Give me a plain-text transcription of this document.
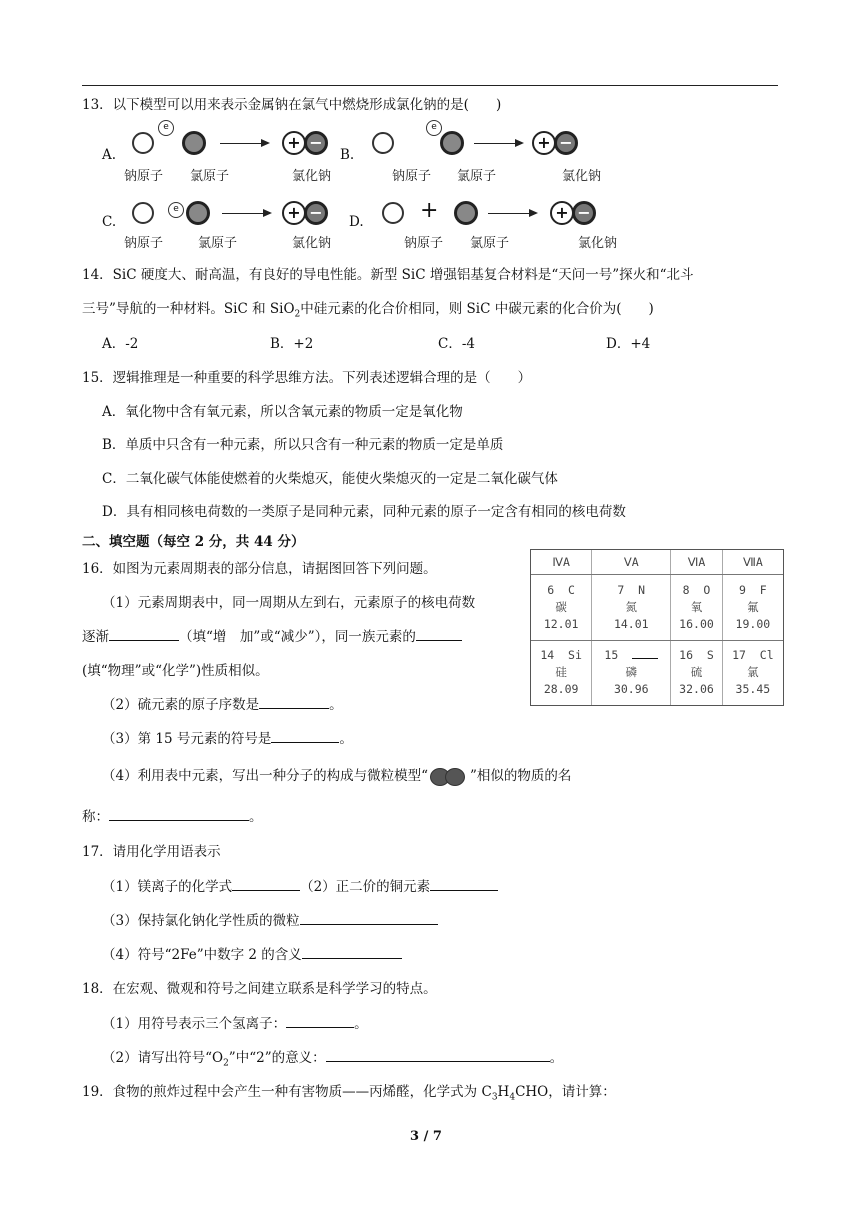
13．以下模型可以用来表示金属钠在氯气中燃烧形成氯化钠的是(　　)
A.
e
→	+ −
钠原子 氯原子	氯化钠
B.
e
→ + −
钠原子 氯原子	氯化钠
C.
e	→	+ −
钠原子	氯原子	氯化钠
D.	+	→	+ −
钠原子 氯原子	氯化钠
14．SiC 硬度大、耐高温，有良好的导电性能。新型 SiC 增强铝基复合材料是“天问一号”探火和“北斗
三号”导航的一种材料。SiC 和 SiO$_2$中硅元素的化合价相同，则 SiC 中碳元素的化合价为(　　)
A．-2	B．+2	C．-4	D．+4
15．逻辑推理是一种重要的科学思维方法。下列表述逻辑合理的是（　　）
A．氧化物中含有氧元素，所以含氧元素的物质一定是氧化物
B．单质中只含有一种元素，所以只含有一种元素的物质一定是单质
C．二氧化碳气体能使燃着的火柴熄灭，能使火柴熄灭的一定是二氧化碳气体
D．具有相同核电荷数的一类原子是同种元素，同种元素的原子一定含有相同的核电荷数
二、填空题（每空 2 分，共 44 分）
16．如图为元素周期表的部分信息，请据图回答下列问题。
（1）元素周期表中，同一周期从左到右，元素原子的核电荷数
逐渐	（填“增　加”或“减少”），同一族元素的
(填“物理”或“化学”)性质相似。
（2）硫元素的原子序数是	。
（3）第 15 号元素的符号是	。
（4）利用表中元素，写出一种分子的构成与微粒模型“	”相似的物质的名
称：	。
ⅣA	ⅤA	ⅥA	ⅦA
6 C
碳
12.01	7 N
氮
14.01	8 O
氧
16.00	9 F
氟
19.00
14 Si
硅
28.09	15
磷
30.96	16 S
硫
32.06	17 Cl
氯
35.45
17．请用化学用语表示
（1）镁离子的化学式	（2）正二价的铜元素
（3）保持氯化钠化学性质的微粒
（4）符号“2Fe”中数字 2 的含义
18．在宏观、微观和符号之间建立联系是科学学习的特点。
（1）用符号表示三个氢离子：	。
（2）请写出符号“$O_2$”中“2”的意义：	。
19．食物的煎炸过程中会产生一种有害物质——丙烯醛，化学式为 $C_3H_4CHO$，请计算：
3 / 7
